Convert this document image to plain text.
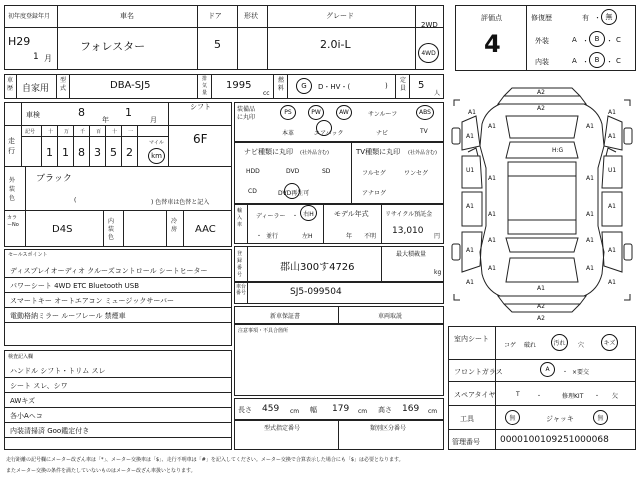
初年度登録年月
H29
1 月
車名
フォレスター
ドア
5
形状	グレード
2.0i-L
2WD
4WD
評価点
4
修復歴	有 ・ 無
外装	A ・ B ・ C
内装	A ・ B ・ C
車歴 自家用
型式	DBA-SJ5
排気量
1995
cc
燃料	G	D・HV・(	)
定員 5
人
車検	8
年
1
月
シフト
6F
走行
記号	十 万 千 百 十 一
1 1 8 3 5 2
マイル
km
外装色
ブラック
(	) 色替車は色替と記入
カラーNo	D4S
内装色
冷房 AAC
セールスポイント
ディスプレイオーディオ クルーズコントロール シートヒーター
パワーシート 4WD ETC Bluetooth USB
スマートキー オートエアコン ミュージックサーバー
電動格納ミラー ルーフレール 禁煙車
検査記入欄
ハンドル シフト・トリム スレ
シート スレ、シワ
AWキズ
各小Aヘコ
内装清掃済 Goo鑑定付き
装備品に丸印
PS	PW	AW	サンルーフ	ABS
本革	エアバック	ナビ	TV
ナビ種類に丸印 (社外品含む)
HDD	DVD	SD
CD	DVD再生可
TV種類に丸印 (社外品含む)
フルセグ	ワンセグ
アナログ
輸入車
ディーラー ・ 右H
・ 並行	左H
モデル年式
年 不明
リサイクル預託金
13,010
円
登録番号
郡山300す4726
最大積載量
kg
車台番号	SJ5-099504
新車保証書	車両取説
注意事項・不具合箇所
長さ 459 cm 幅 179 cm 高さ 169 cm
型式指定番号	類別区分番号
A2
A2
A1	A1
A1	A1
U1	U1
A1	A1
A1	A1
A1	A1
A2
A1
A2
A1	A1
A1	A1
A1	A1
A1	A1
A1	A1
H:G
室内シート
コゲ 破れ	汚れ	穴	キズ
フロントガラス	A	・ ×要交
スペアタイヤ	T	・	修理KIT ・ 欠
工具	無	ジャッキ	無
管理番号 0000100109251000068
走行距離の記号欄にメーター改ざん車は「*」、メーター交換車は「$」、走行不明車は「#」を記入してください。メーター交換で合算表示した場合にも「$」は必要となります。
またメーター交換の条件を満たしていないものはメーター改ざん車扱いとなります。
